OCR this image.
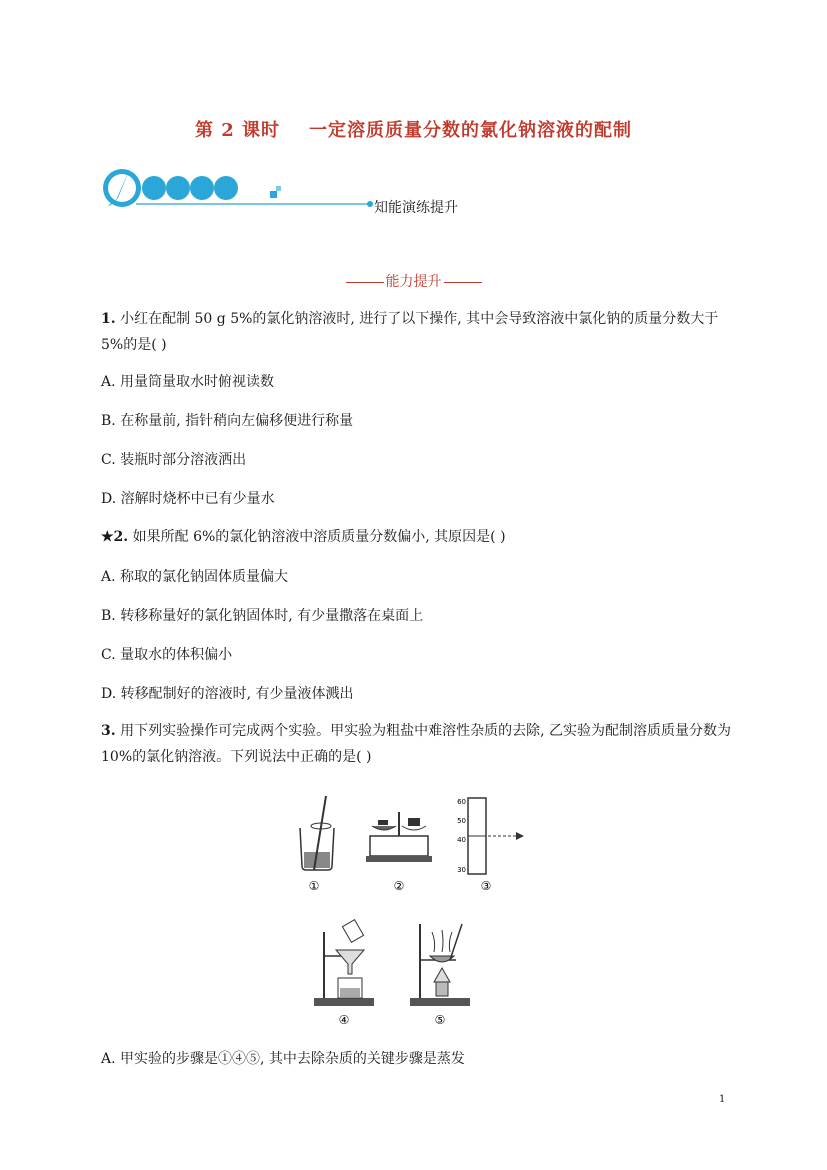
第 2 课时    一定溶质质量分数的氯化钠溶液的配制
知能演练提升
能力提升
1. 小红在配制 50 g 5%的氯化钠溶液时, 进行了以下操作, 其中会导致溶液中氯化钠的质量分数大于 5%的是( )
A. 用量筒量取水时俯视读数
B. 在称量前, 指针稍向左偏移便进行称量
C. 装瓶时部分溶液洒出
D. 溶解时烧杯中已有少量水
★2. 如果所配 6%的氯化钠溶液中溶质质量分数偏小, 其原因是( )
A. 称取的氯化钠固体质量偏大
B. 转移称量好的氯化钠固体时, 有少量撒落在桌面上
C. 量取水的体积偏小
D. 转移配制好的溶液时, 有少量液体溅出
3. 用下列实验操作可完成两个实验。甲实验为粗盐中难溶性杂质的去除, 乙实验为配制溶质质量分数为 10%的氯化钠溶液。下列说法中正确的是( )
①	②
60
50
40
30
③
④	⑤
A. 甲实验的步骤是①④⑤, 其中去除杂质的关键步骤是蒸发
1
